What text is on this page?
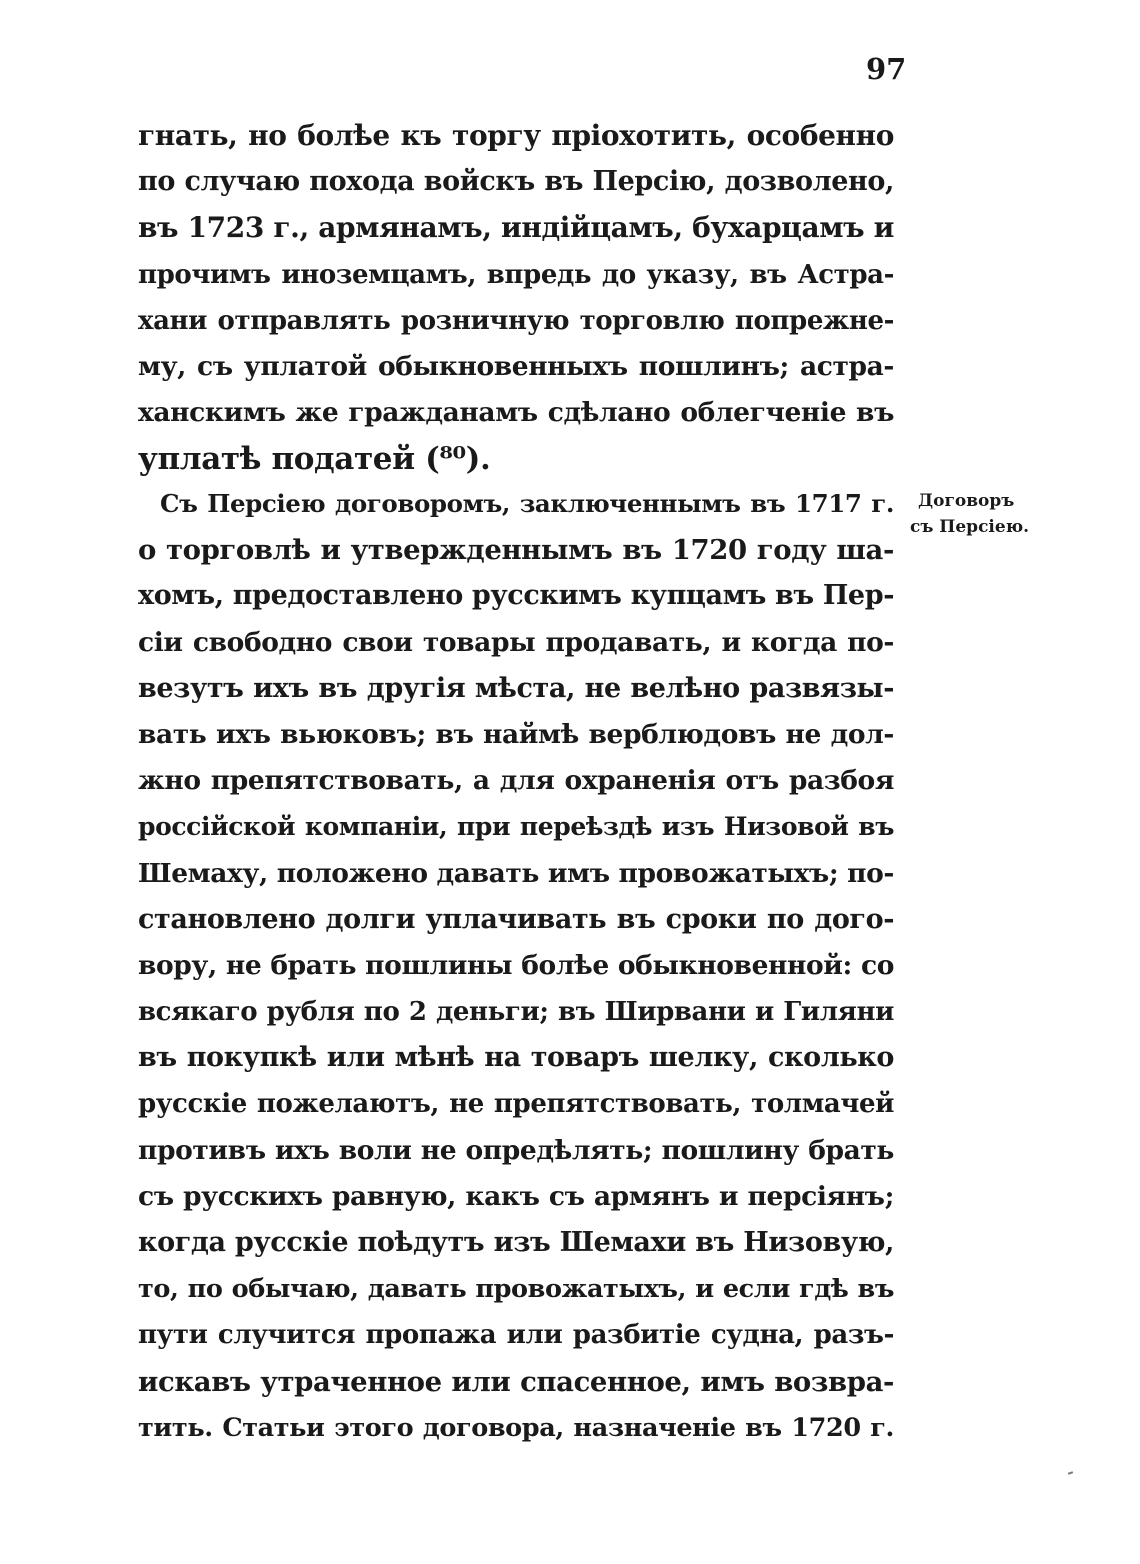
97
гнать, но болѣе къ торгу пріохотить, особенно
по случаю похода войскъ въ Персію, дозволено,
въ 1723 г., армянамъ, индійцамъ, бухарцамъ и
прочимъ иноземцамъ, впредь до указу, въ Астра-
хани отправлять розничную торговлю попрежне-
му, съ уплатой обыкновенныхъ пошлинъ; астра-
ханскимъ же гражданамъ сдѣлано облегченіе въ
уплатѣ податей (⁸⁰).
Съ Персіею договоромъ, заключеннымъ въ 1717 г.
о торговлѣ и утвержденнымъ въ 1720 году ша-
хомъ, предоставлено русскимъ купцамъ въ Пер-
сіи свободно свои товары продавать, и когда по-
везутъ ихъ въ другія мѣста, не велѣно развязы-
вать ихъ вьюковъ; въ наймѣ верблюдовъ не дол-
жно препятствовать, а для охраненія отъ разбоя
россійской компаніи, при переѣздѣ изъ Низовой въ
Шемаху, положено давать имъ провожатыхъ; по-
становлено долги уплачивать въ сроки по дого-
вору, не брать пошлины болѣе обыкновенной: со
всякаго рубля по 2 деньги; въ Ширвани и Гиляни
въ покупкѣ или мѣнѣ на товаръ шелку, сколько
русскіе пожелаютъ, не препятствовать, толмачей
противъ ихъ воли не опредѣлять; пошлину брать
съ русскихъ равную, какъ съ армянъ и персіянъ;
когда русскіе поѣдутъ изъ Шемахи въ Низовую,
то, по обычаю, давать провожатыхъ, и если гдѣ въ
пути случится пропажа или разбитіе судна, разъ-
искавъ утраченное или спасенное, имъ возвра-
тить. Статьи этого договора, назначеніе въ 1720 г.
Договоръ
съ Персіею.
